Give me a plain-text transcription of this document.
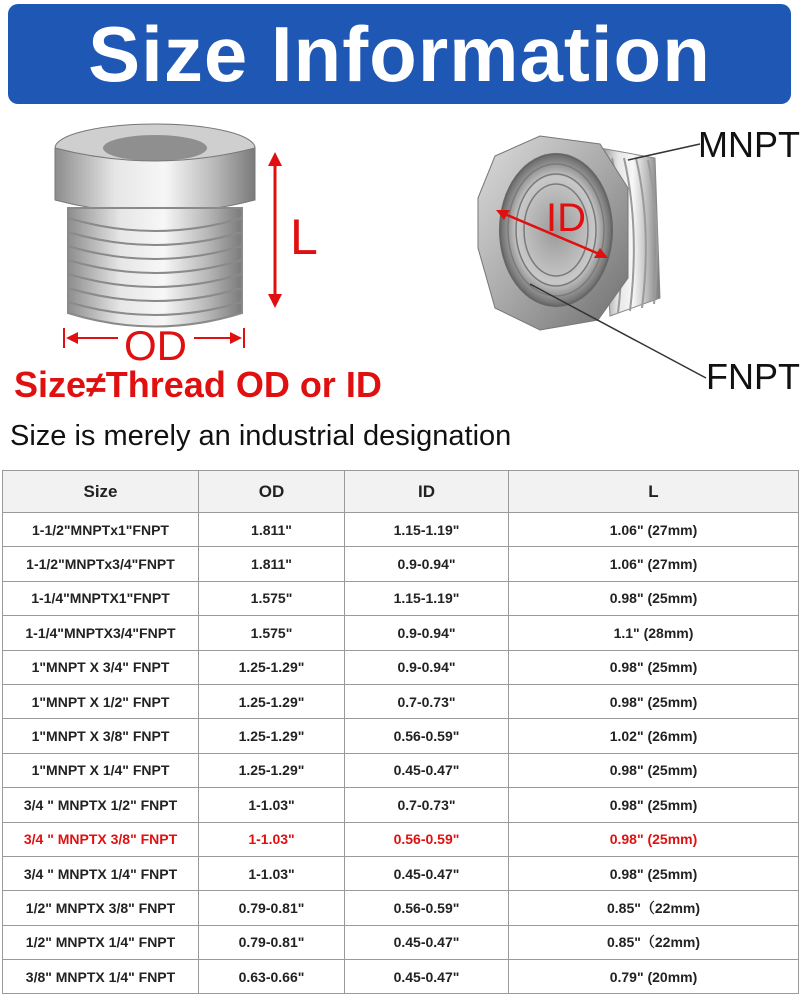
Size Information
MNPT
FNPT
L
OD
ID
Size≠Thread OD or ID
Size is merely an industrial designation
Size	OD	ID	L
1-1/2"MNPTx1"FNPT	1.811"	1.15-1.19"	1.06" (27mm)
1-1/2"MNPTx3/4"FNPT	1.811"	0.9-0.94"	1.06" (27mm)
1-1/4"MNPTX1"FNPT	1.575"	1.15-1.19"	0.98" (25mm)
1-1/4"MNPTX3/4"FNPT	1.575"	0.9-0.94"	1.1" (28mm)
1"MNPT X 3/4" FNPT	1.25-1.29"	0.9-0.94"	0.98" (25mm)
1"MNPT X 1/2" FNPT	1.25-1.29"	0.7-0.73"	0.98" (25mm)
1"MNPT X 3/8" FNPT	1.25-1.29"	0.56-0.59"	1.02" (26mm)
1"MNPT X 1/4" FNPT	1.25-1.29"	0.45-0.47"	0.98" (25mm)
3/4 " MNPTX 1/2" FNPT	1-1.03"	0.7-0.73"	0.98" (25mm)
3/4 " MNPTX 3/8" FNPT	1-1.03"	0.56-0.59"	0.98" (25mm)
3/4 " MNPTX 1/4" FNPT	1-1.03"	0.45-0.47"	0.98" (25mm)
1/2" MNPTX 3/8" FNPT	0.79-0.81"	0.56-0.59"	0.85"（22mm)
1/2" MNPTX 1/4" FNPT	0.79-0.81"	0.45-0.47"	0.85"（22mm)
3/8" MNPTX 1/4" FNPT	0.63-0.66"	0.45-0.47"	0.79" (20mm)
